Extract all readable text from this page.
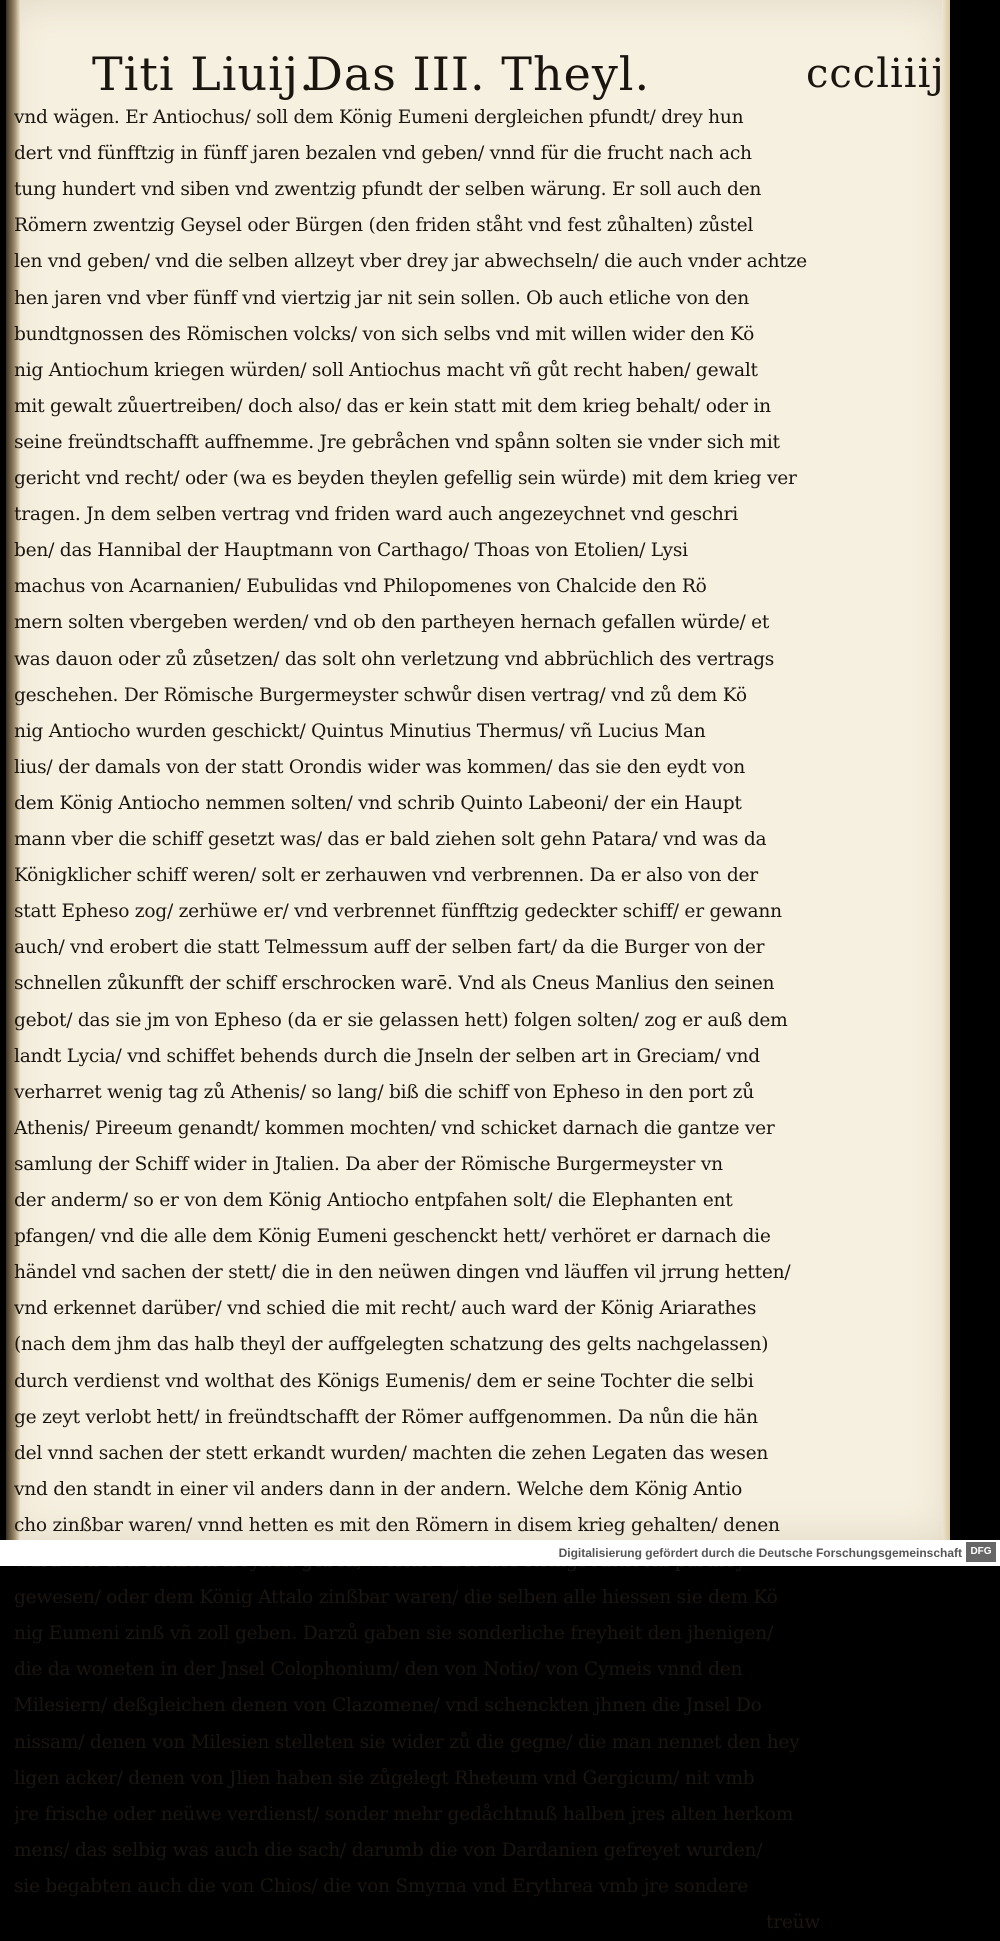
Titi Liuij.
Das III. Theyl.	cccliiij
vnd wägen. Er Antiochus/ soll dem König Eumeni dergleichen pfundt/ drey hun
dert vnd fünfftzig in fünff jaren bezalen vnd geben/ vnnd für die frucht nach ach
tung hundert vnd siben vnd zwentzig pfundt der selben wärung. Er soll auch den
Römern zwentzig Geysel oder Bürgen (den friden ståht vnd fest zůhalten) zůstel
len vnd geben/ vnd die selben allzeyt vber drey jar abwechseln/ die auch vnder achtze
hen jaren vnd vber fünff vnd viertzig jar nit sein sollen. Ob auch etliche von den
bundtgnossen des Römischen volcks/ von sich selbs vnd mit willen wider den Kö
nig Antiochum kriegen würden/ soll Antiochus macht vñ gůt recht haben/ gewalt
mit gewalt zůuertreiben/ doch also/ das er kein statt mit dem krieg behalt/ oder in
seine freündtschafft auffnemme. Jre gebråchen vnd spånn solten sie vnder sich mit
gericht vnd recht/ oder (wa es beyden theylen gefellig sein würde) mit dem krieg ver
tragen. Jn dem selben vertrag vnd friden ward auch angezeychnet vnd geschri
ben/ das Hannibal der Hauptmann von Carthago/ Thoas von Etolien/ Lysi
machus von Acarnanien/ Eubulidas vnd Philopomenes von Chalcide den Rö
mern solten vbergeben werden/ vnd ob den partheyen hernach gefallen würde/ et
was dauon oder zů zůsetzen/ das solt ohn verletzung vnd abbrüchlich des vertrags
geschehen. Der Römische Burgermeyster schwůr disen vertrag/ vnd zů dem Kö
nig Antiocho wurden geschickt/ Quintus Minutius Thermus/ vñ Lucius Man
lius/ der damals von der statt Orondis wider was kommen/ das sie den eydt von
dem König Antiocho nemmen solten/ vnd schrib Quinto Labeoni/ der ein Haupt
mann vber die schiff gesetzt was/ das er bald ziehen solt gehn Patara/ vnd was da
Königklicher schiff weren/ solt er zerhauwen vnd verbrennen. Da er also von der
statt Epheso zog/ zerhüwe er/ vnd verbrennet fünfftzig gedeckter schiff/ er gewann
auch/ vnd erobert die statt Telmessum auff der selben fart/ da die Burger von der
schnellen zůkunfft der schiff erschrocken warē. Vnd als Cneus Manlius den seinen
gebot/ das sie jm von Epheso (da er sie gelassen hett) folgen solten/ zog er auß dem
landt Lycia/ vnd schiffet behends durch die Jnseln der selben art in Greciam/ vnd
verharret wenig tag zů Athenis/ so lang/ biß die schiff von Epheso in den port zů
Athenis/ Pireeum genandt/ kommen mochten/ vnd schicket darnach die gantze ver
samlung der Schiff wider in Jtalien. Da aber der Römische Burgermeyster vn
der anderm/ so er von dem König Antiocho entpfahen solt/ die Elephanten ent
pfangen/ vnd die alle dem König Eumeni geschenckt hett/ verhöret er darnach die
händel vnd sachen der stett/ die in den neüwen dingen vnd läuffen vil jrrung hetten/
vnd erkennet darüber/ vnd schied die mit recht/ auch ward der König Ariarathes
(nach dem jhm das halb theyl der auffgelegten schatzung des gelts nachgelassen)
durch verdienst vnd wolthat des Königs Eumenis/ dem er seine Tochter die selbi
ge zeyt verlobt hett/ in freündtschafft der Römer auffgenommen. Da nůn die hän
del vnnd sachen der stett erkandt wurden/ machten die zehen Legaten das wesen
vnd den standt in einer vil anders dann in der andern. Welche dem König Antio
cho zinßbar waren/ vnnd hetten es mit den Römern in disem krieg gehalten/ denen
gewesen/ oder dem König Attalo zinßbar waren/ die selben alle hiessen sie dem Kö
nig Eumeni zinß vñ zoll geben. Darzů gaben sie sonderliche freyheit den jhenigen/
die da woneten in der Jnsel Colophonium/ den von Notio/ von Cymeis vnnd den
Milesiern/ deßgleichen denen von Clazomene/ vnd schenckten jhnen die Jnsel Do
nissam/ denen von Milesien stelleten sie wider zů die gegne/ die man nennet den hey
ligen acker/ denen von Jlien haben sie zůgelegt Rheteum vnd Gergicum/ nit vmb
jre frische oder neüwe verdienst/ sonder mehr gedåchtnuß halben jres alten herkom
mens/ das selbig was auch die sach/ darumb die von Dardanien gefreyet wurden/
sie begabten auch die von Chios/ die von Smyrna vnd Erythrea vmb jre sondere
treüw
Digitalisierung gefördert durch die Deutsche Forschungsgemeinschaft DFG
